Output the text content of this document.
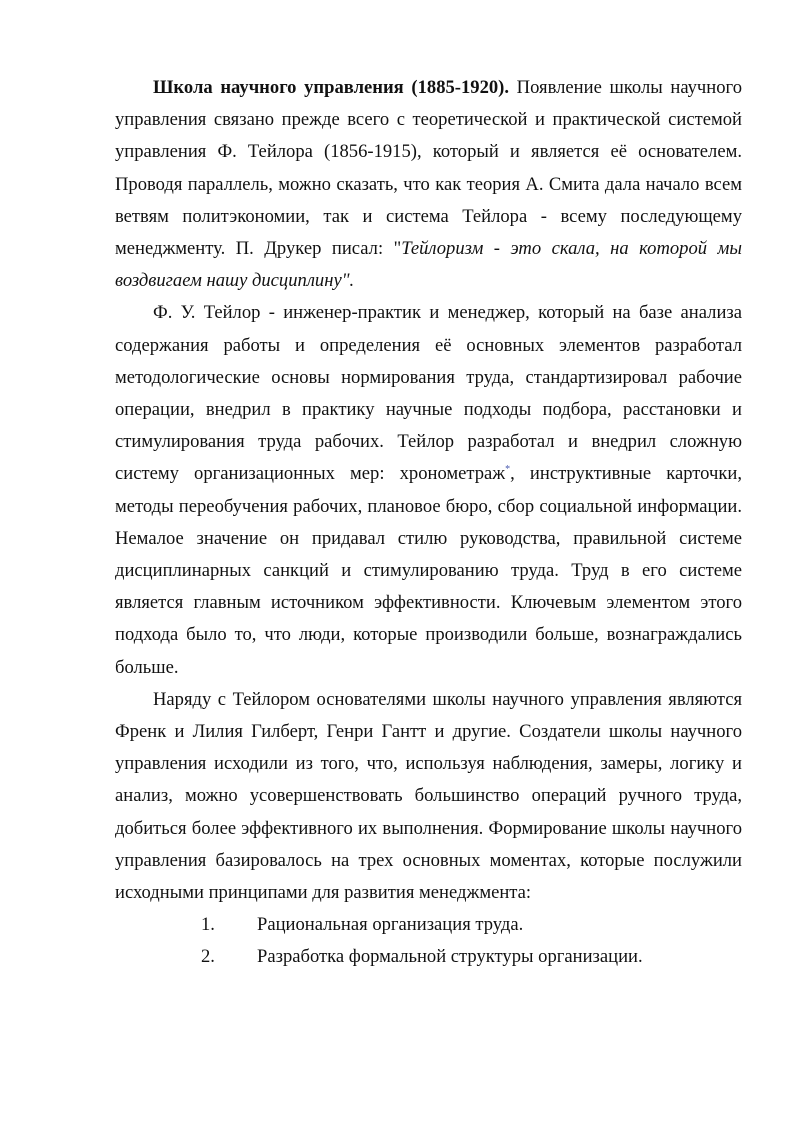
Школа научного управления (1885-1920). Появление школы научного управления связано прежде всего с теоретической и практической системой управления Ф. Тейлора (1856-1915), который и является её основателем. Проводя параллель, можно сказать, что как теория А. Смита дала начало всем ветвям политэкономии, так и система Тейлора - всему последующему менеджменту. П. Друкер писал: "Тейлоризм - это скала, на которой мы воздвигаем нашу дисциплину".

Ф. У. Тейлор - инженер-практик и менеджер, который на базе анализа содержания работы и определения её основных элементов разработал методологические основы нормирования труда, стандартизировал рабочие операции, внедрил в практику научные подходы подбора, расстановки и стимулирования труда рабочих. Тейлор разработал и внедрил сложную систему организационных мер: хронометраж*, инструктивные карточки, методы переобучения рабочих, плановое бюро, сбор социальной информации. Немалое значение он придавал стилю руководства, правильной системе дисциплинарных санкций и стимулированию труда. Труд в его системе является главным источником эффективности. Ключевым элементом этого подхода было то, что люди, которые производили больше, вознаграждались больше.

Наряду с Тейлором основателями школы научного управления являются Френк и Лилия Гилберт, Генри Гантт и другие. Создатели школы научного управления исходили из того, что, используя наблюдения, замеры, логику и анализ, можно усовершенствовать большинство операций ручного труда, добиться более эффективного их выполнения. Формирование школы научного управления базировалось на трех основных моментах, которые послужили исходными принципами для развития менеджмента:

1.	Рациональная организация труда.
2.	Разработка формальной структуры организации.
